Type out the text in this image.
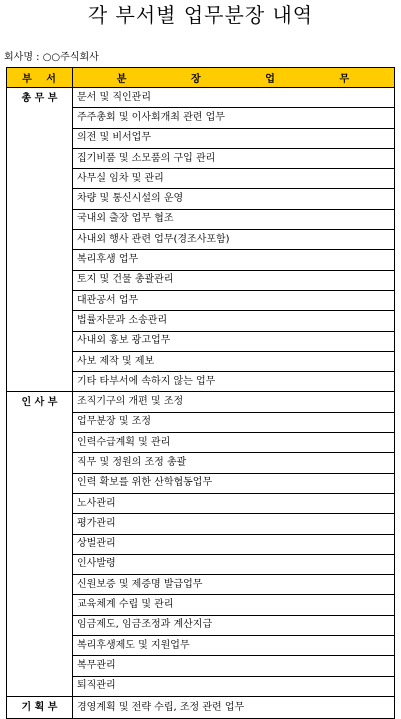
각 부서별 업무분장 내역
회사명 : ○○주식회사
부   서	분 장 업 무

총 무 부	문서 및 직인관리
	주주총회 및 이사회개최 관련 업무
	의전 및 비서업무
	집기비품 및 소모품의 구입 관리
	사무실 임차 및 관리
	차량 및 통신시설의 운영
	국내외 출장 업무 협조
	사내외 행사 관련 업무(경조사포함)
	복리후생 업무
	토지 및 건물 총괄관리
	대관공서 업무
	법률자문과 소송관리
	사내외 홍보 광고업무
	사보 제작 및 제보
	기타 타부서에 속하지 않는 업무
인 사 부	조직기구의 개편 및 조정
	업무분장 및 조정
	인력수급계획 및 관리
	직무 및 정원의 조정 총괄
	인력 확보를 위한 산학협동업무
	노사관리
	평가관리
	상벌관리
	인사발령
	신원보증 및 제증명 발급업무
	교육체계 수립 및 관리
	임금제도, 임금조정과 계산지급
	복리후생제도 및 지원업무
	복무관리
	퇴직관리
기 획 부	경영계획 및 전략 수립, 조정 관련 업무
